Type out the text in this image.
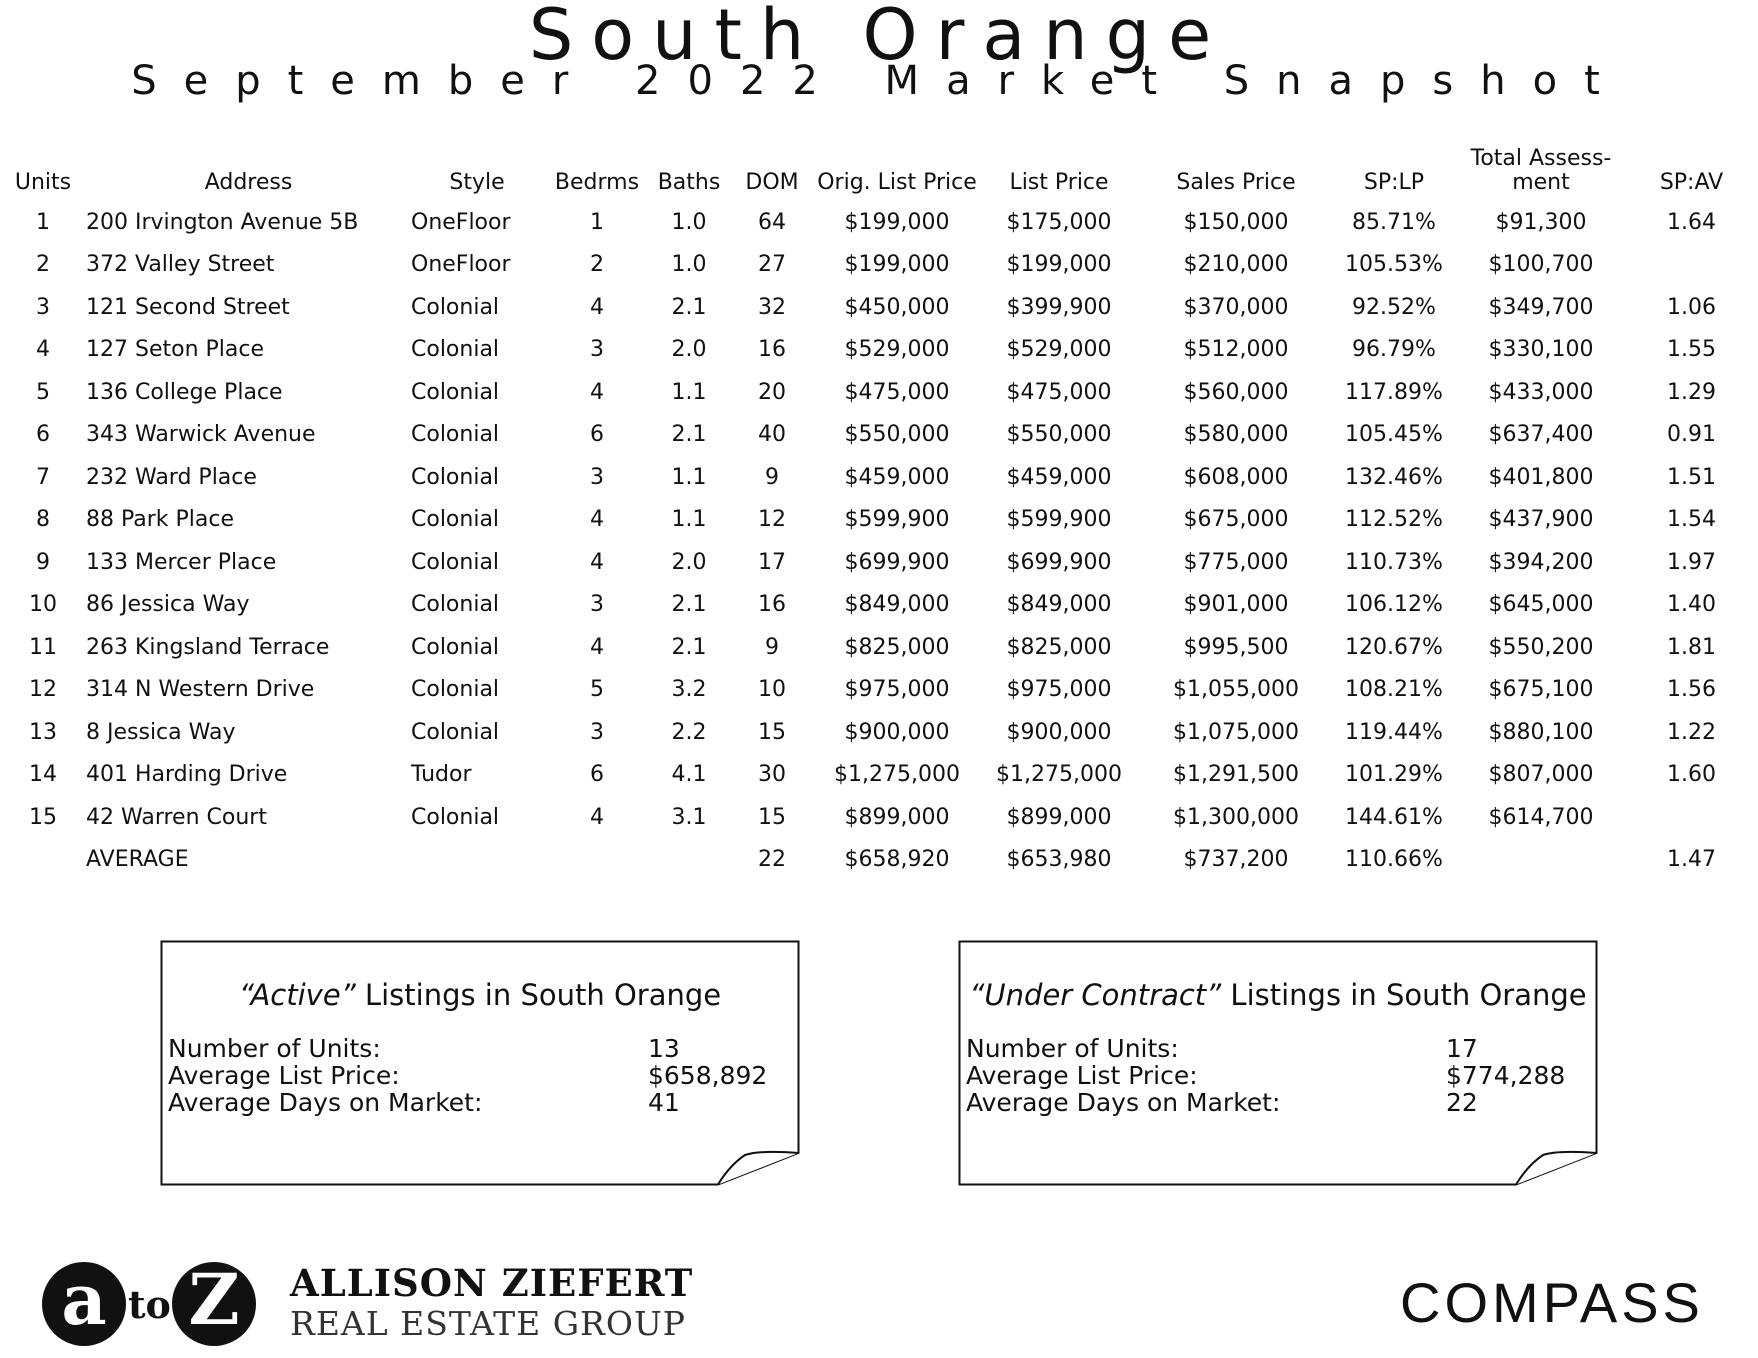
South Orange
September 2022 Market Snapshot
Units	Address	Style	Bedrms	Baths	DOM	Orig. List Price	List Price	Sales Price	SP:LP	Total Assess-
ment	SP:AV
1	200 Irvington Avenue 5B	OneFloor	1	1.0	64	$199,000	$175,000	$150,000	85.71%	$91,300	1.64
2	372 Valley Street	OneFloor	2	1.0	27	$199,000	$199,000	$210,000	105.53%	$100,700	
3	121 Second Street	Colonial	4	2.1	32	$450,000	$399,900	$370,000	92.52%	$349,700	1.06
4	127 Seton Place	Colonial	3	2.0	16	$529,000	$529,000	$512,000	96.79%	$330,100	1.55
5	136 College Place	Colonial	4	1.1	20	$475,000	$475,000	$560,000	117.89%	$433,000	1.29
6	343 Warwick Avenue	Colonial	6	2.1	40	$550,000	$550,000	$580,000	105.45%	$637,400	0.91
7	232 Ward Place	Colonial	3	1.1	9	$459,000	$459,000	$608,000	132.46%	$401,800	1.51
8	88 Park Place	Colonial	4	1.1	12	$599,900	$599,900	$675,000	112.52%	$437,900	1.54
9	133 Mercer Place	Colonial	4	2.0	17	$699,900	$699,900	$775,000	110.73%	$394,200	1.97
10	86 Jessica Way	Colonial	3	2.1	16	$849,000	$849,000	$901,000	106.12%	$645,000	1.40
11	263 Kingsland Terrace	Colonial	4	2.1	9	$825,000	$825,000	$995,500	120.67%	$550,200	1.81
12	314 N Western Drive	Colonial	5	3.2	10	$975,000	$975,000	$1,055,000	108.21%	$675,100	1.56
13	8 Jessica Way	Colonial	3	2.2	15	$900,000	$900,000	$1,075,000	119.44%	$880,100	1.22
14	401 Harding Drive	Tudor	6	4.1	30	$1,275,000	$1,275,000	$1,291,500	101.29%	$807,000	1.60
15	42 Warren Court	Colonial	4	3.1	15	$899,000	$899,000	$1,300,000	144.61%	$614,700	
	AVERAGE				22	$658,920	$653,980	$737,200	110.66%		1.47
“Active” Listings in South Orange
Number of Units:	13
Average List Price:	$658,892
Average Days on Market:	41
“Under Contract” Listings in South Orange
Number of Units:	17
Average List Price:	$774,288
Average Days on Market:	22
a to Z	ALLISON ZIEFERT
REAL ESTATE GROUP	COMPASS
